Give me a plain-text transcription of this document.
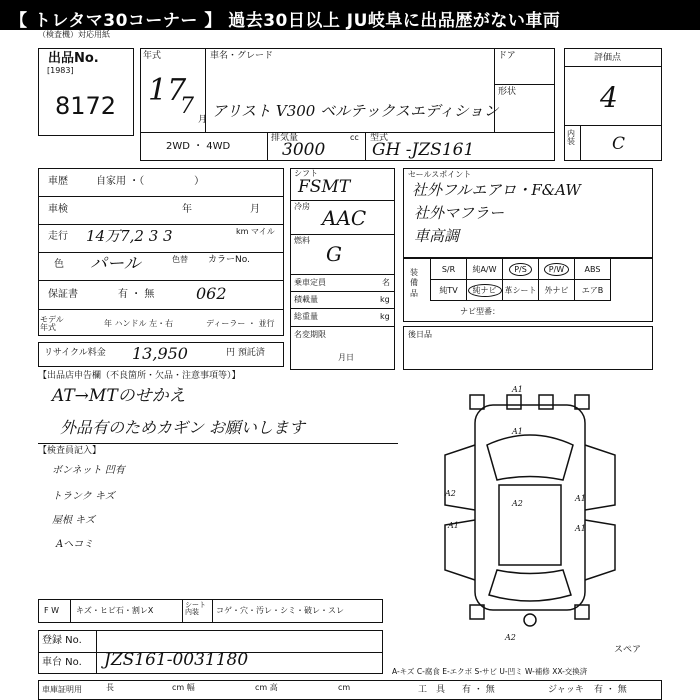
【 トレタマ30コーナー 】 過去30日以上 JU岐阜に出品歴がない車両
（検査機）対応用紙
出品No.
[1983]
8172
年式
17
7
月
車名・グレード
アリスト V300 ベルテックスエディション
ドア
形状
2WD ・ 4WD
排気量
3000
cc 型式
GH -JZS161
評価点
4
内装 C
車歴	自家用 ・（　　　　　）
車検	年	月
走行 14万7,2 3 3	km マイル
色 パール	色替 カラーNo.
062
保証書	有 ・ 無
モデル年式	年 ハンドル 左・右	ディーラー ・ 並行
リサイクル料金 13,950	円 預託済
シフト
FSMT
冷房 AAC
燃料
G
乗車定員	名
積載量	kg
総重量	kg
名変期限
月日
セールスポイント
社外フルエアロ・F&AW
社外マフラー
車高調
装備品
S/R	純A/W	P/S	P/W	ABS
純TV	純ナビ	革シート	外ナビ	エアB
ナビ型番：
後日品
【出品店申告欄（不良箇所・欠品・注意事項等）】
AT→MTのせかえ
外品有のためカギン お願いします
【検査員記入】
ボンネット 凹有
トランク キズ
屋根 キズ
Aヘコミ
A1
A1
A2
A2
A1
A1	A1
A2
スペア
F W キズ・ヒビ石・割レX
シート内装	コゲ・穴・汚レ・シミ・破レ・スレ
登録 No.
車台 No. JZS161-0031180
A-キズ C-腐食 E-エクボ S-サビ U-凹ミ W-補修 XX-交換済
車庫証明用	長	cm 幅	cm 高	cm	工　具 有 ・ 無	ジャッキ 有 ・ 無
